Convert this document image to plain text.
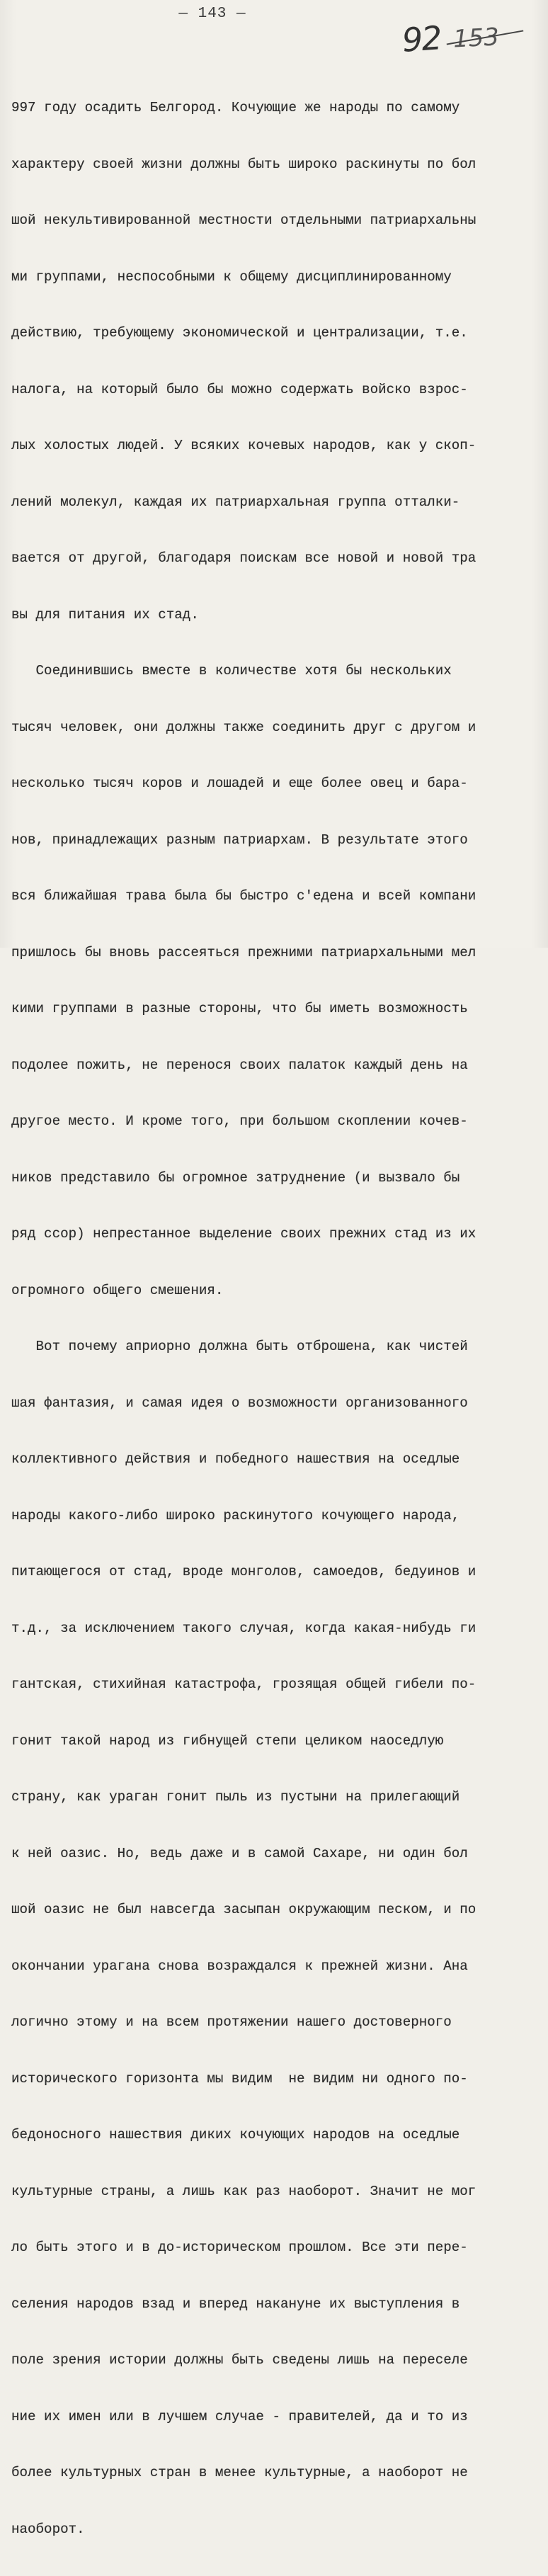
— 143 —
92 153

997 году осадить Белгород. Кочующие же народы по самому

характеру своей жизни должны быть широко раскинуты по бол

шой некультивированной местности отдельными патриархальны

ми группами, неспособными к общему дисциплинированному

действию, требующему экономической и централизации, т.е.

налога, на который было бы можно содержать войско взрос-

лых холостых людей. У всяких кочевых народов, как у скоп-

лений молекул, каждая их патриархальная группа отталки-

вается от другой, благодаря поискам все новой и новой тра

вы для питания их стад.

Соединившись вместе в количестве хотя бы нескольких

тысяч человек, они должны также соединить друг с другом и

несколько тысяч коров и лошадей и еще более овец и бара-

нов, принадлежащих разным патриархам. В результате этого

вся ближайшая трава была бы быстро с'едена и всей компани

пришлось бы вновь рассеяться прежними патриархальными мел

кими группами в разные стороны, что бы иметь возможность

подолее пожить, не перенося своих палаток каждый день на

другое место. И кроме того, при большом скоплении кочев-

ников представило бы огромное затруднение (и вызвало бы

ряд ссор) непрестанное выделение своих прежних стад из их

огромного общего смешения.

Вот почему априорно должна быть отброшена, как чистей

шая фантазия, и самая идея о возможности организованного

коллективного действия и победного нашествия на оседлые

народы какого-либо широко раскинутого кочующего народа,

питающегося от стад, вроде монголов, самоедов, бедуинов и

т.д., за исключением такого случая, когда какая-нибудь ги

гантская, стихийная катастрофа, грозящая общей гибели по-

гонит такой народ из гибнущей степи целиком наоседлую

страну, как ураган гонит пыль из пустыни на прилегающий

к ней оазис. Но, ведь даже и в самой Сахаре, ни один бол

шой оазис не был навсегда засыпан окружающим песком, и по

окончании урагана снова возраждался к прежней жизни. Ана

логично этому и на всем протяжении нашего достоверного

исторического горизонта мы видим  не видим ни одного по-

бедоносного нашествия диких кочующих народов на оседлые

культурные страны, а лишь как раз наоборот. Значит не мог

ло быть этого и в до-историческом прошлом. Все эти пере-

селения народов взад и вперед накануне их выступления в

поле зрения истории должны быть сведены лишь на переселе

ние их имен или в лучшем случае - правителей, да и то из

более культурных стран в менее культурные, а наоборот не

наоборот.
